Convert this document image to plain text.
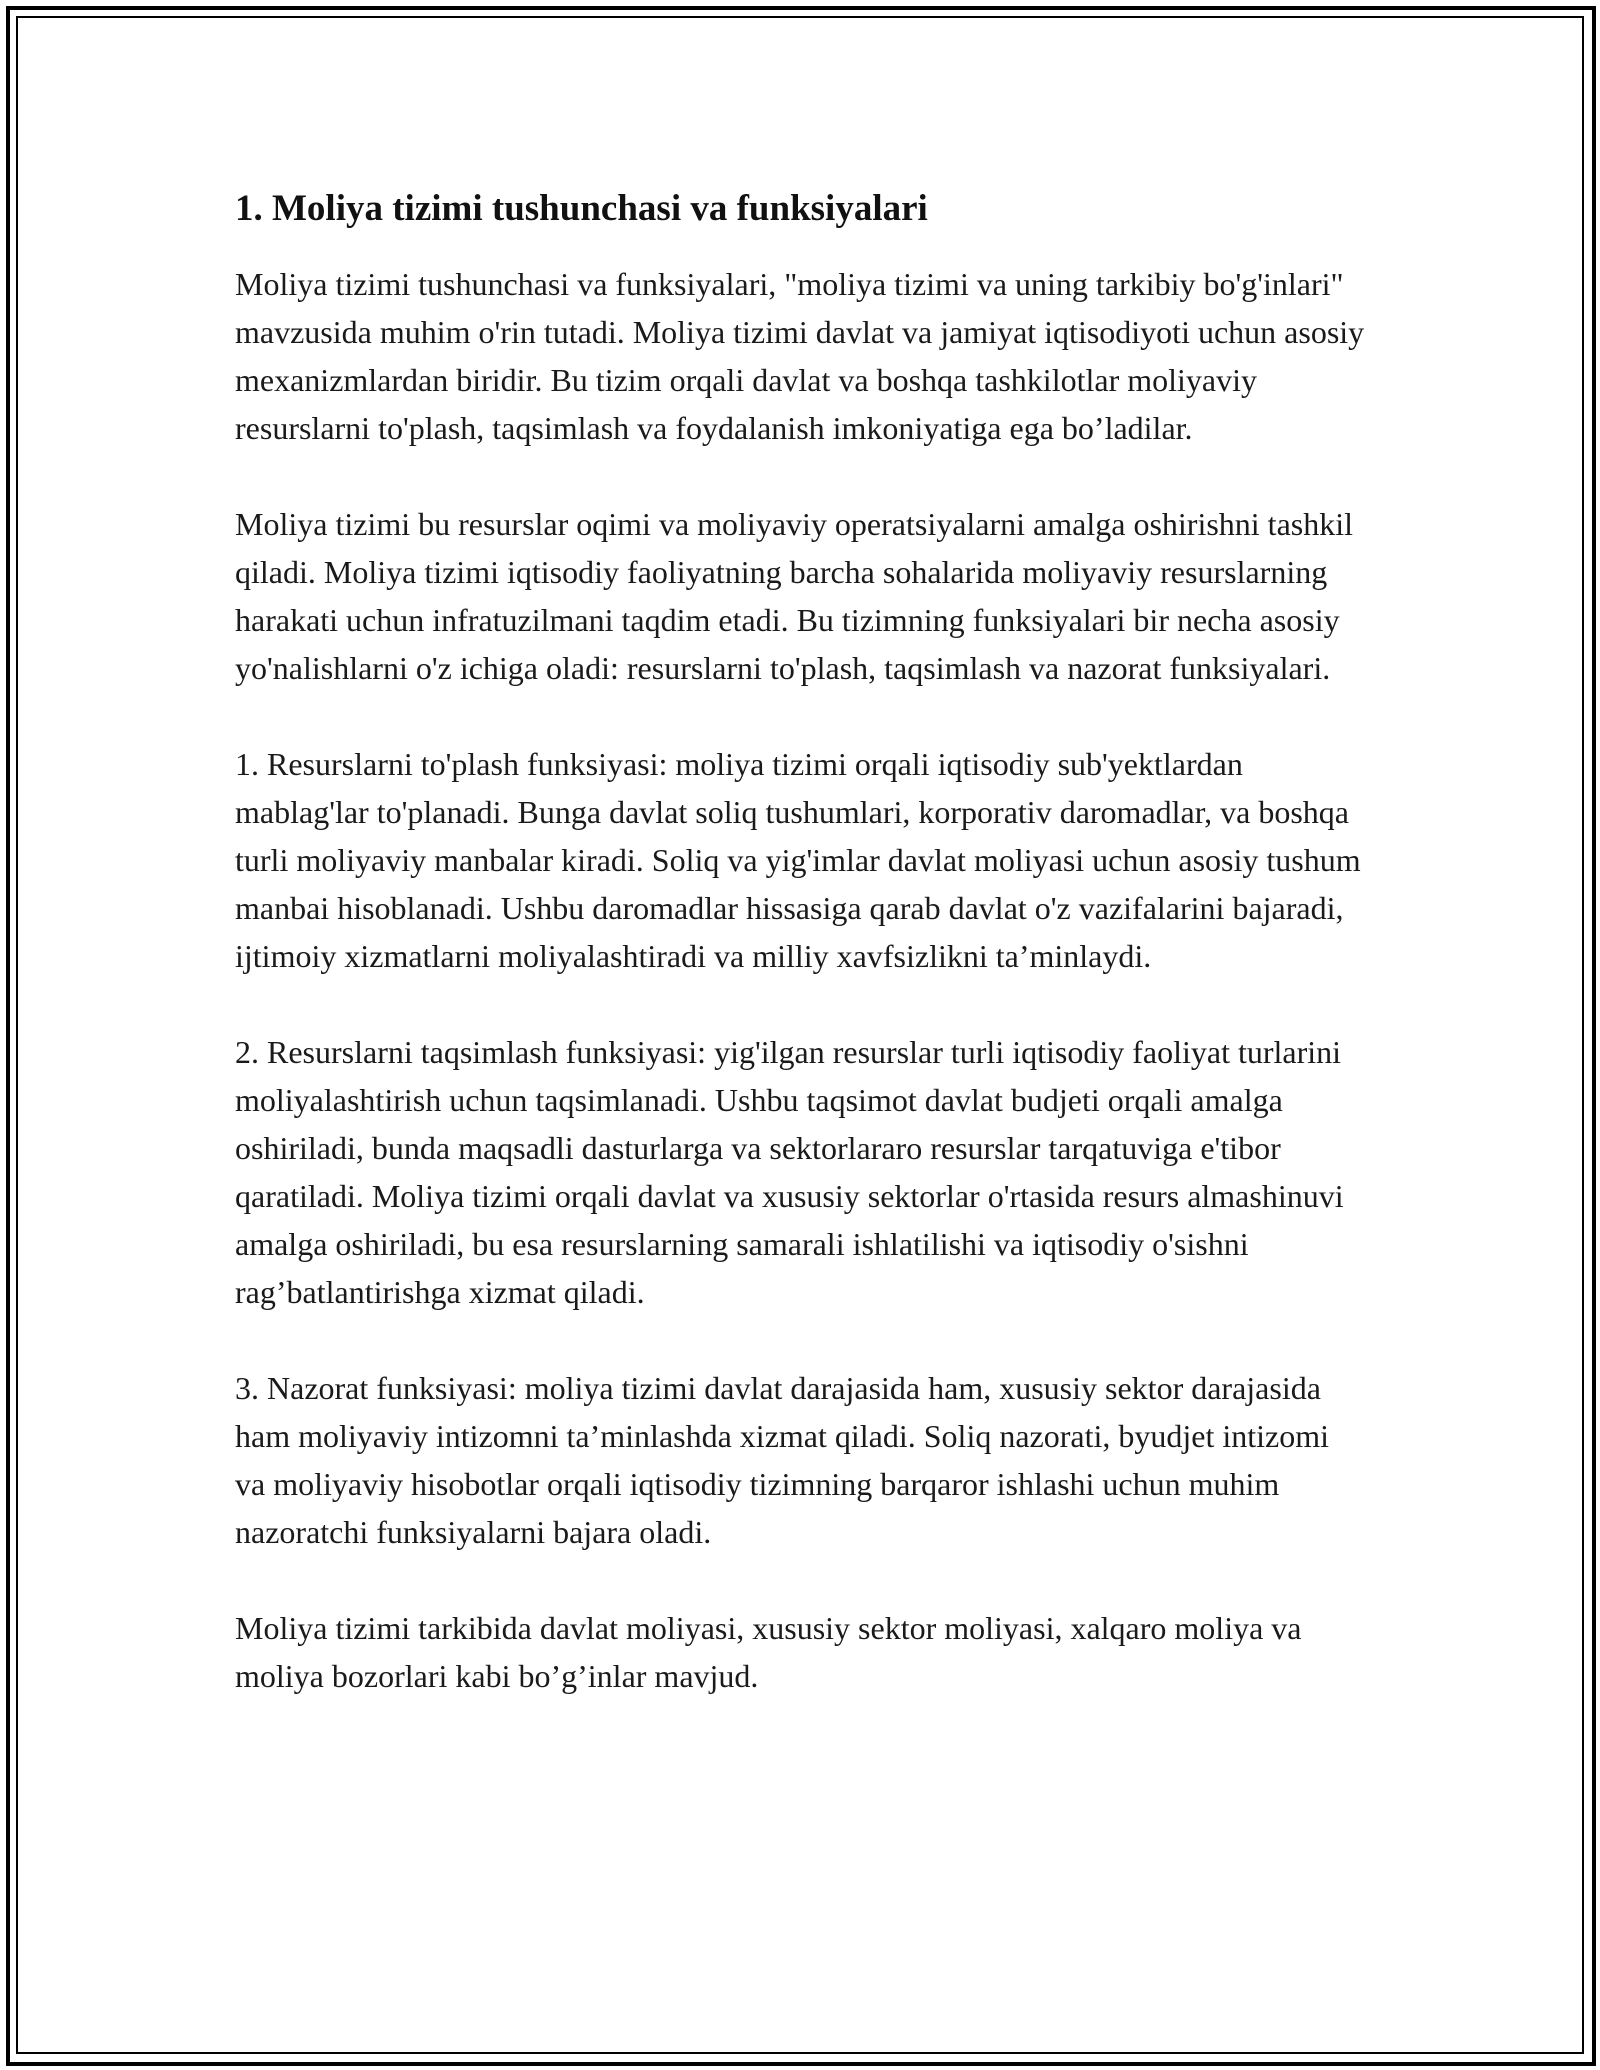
1. Moliya tizimi tushunchasi va funksiyalari

Moliya tizimi tushunchasi va funksiyalari, "moliya tizimi va uning tarkibiy bo'g'inlari" mavzusida muhim o'rin tutadi. Moliya tizimi davlat va jamiyat iqtisodiyoti uchun asosiy mexanizmlardan biridir. Bu tizim orqali davlat va boshqa tashkilotlar moliyaviy resurslarni to'plash, taqsimlash va foydalanish imkoniyatiga ega bo’ladilar.

Moliya tizimi bu resurslar oqimi va moliyaviy operatsiyalarni amalga oshirishni tashkil qiladi. Moliya tizimi iqtisodiy faoliyatning barcha sohalarida moliyaviy resurslarning harakati uchun infratuzilmani taqdim etadi. Bu tizimning funksiyalari bir necha asosiy yo'nalishlarni o'z ichiga oladi: resurslarni to'plash, taqsimlash va nazorat funksiyalari.

1. Resurslarni to'plash funksiyasi: moliya tizimi orqali iqtisodiy sub'yektlardan mablag'lar to'planadi. Bunga davlat soliq tushumlari, korporativ daromadlar, va boshqa turli moliyaviy manbalar kiradi. Soliq va yig'imlar davlat moliyasi uchun asosiy tushum manbai hisoblanadi. Ushbu daromadlar hissasiga qarab davlat o'z vazifalarini bajaradi, ijtimoiy xizmatlarni moliyalashtiradi va milliy xavfsizlikni ta’minlaydi.

2. Resurslarni taqsimlash funksiyasi: yig'ilgan resurslar turli iqtisodiy faoliyat turlarini moliyalashtirish uchun taqsimlanadi. Ushbu taqsimot davlat budjeti orqali amalga oshiriladi, bunda maqsadli dasturlarga va sektorlararo resurslar tarqatuviga e'tibor qaratiladi. Moliya tizimi orqali davlat va xususiy sektorlar o'rtasida resurs almashinuvi amalga oshiriladi, bu esa resurslarning samarali ishlatilishi va iqtisodiy o'sishni rag’batlantirishga xizmat qiladi.

3. Nazorat funksiyasi: moliya tizimi davlat darajasida ham, xususiy sektor darajasida ham moliyaviy intizomni ta’minlashda xizmat qiladi. Soliq nazorati, byudjet intizomi va moliyaviy hisobotlar orqali iqtisodiy tizimning barqaror ishlashi uchun muhim nazoratchi funksiyalarni bajara oladi.

Moliya tizimi tarkibida davlat moliyasi, xususiy sektor moliyasi, xalqaro moliya va moliya bozorlari kabi bo’g’inlar mavjud.
